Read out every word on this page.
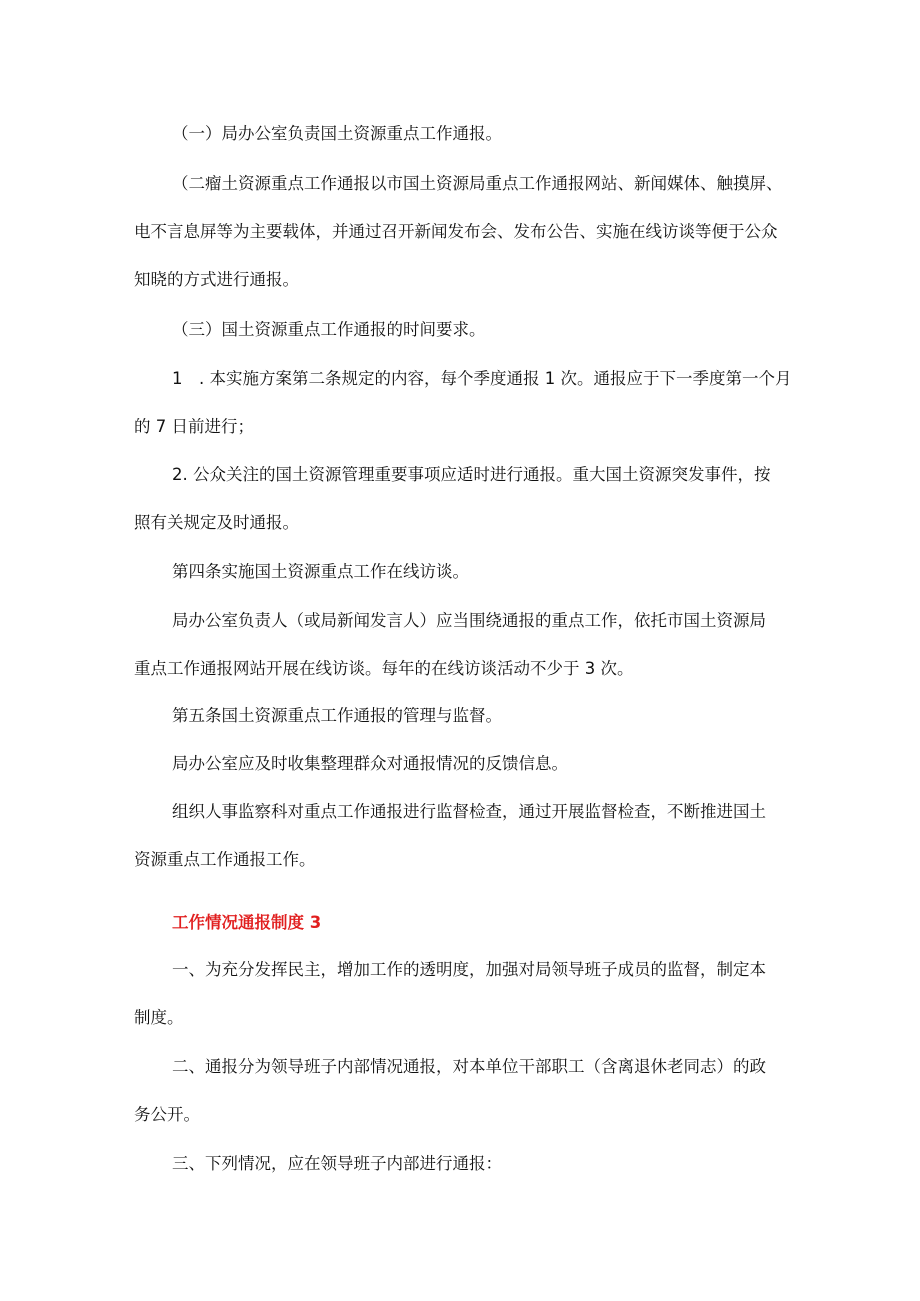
（一）局办公室负责国土资源重点工作通报。
（二瘤土资源重点工作通报以市国土资源局重点工作通报网站、新闻媒体、触摸屏、
电不言息屏等为主要载体，并通过召开新闻发布会、发布公告、实施在线访谈等便于公众
知晓的方式进行通报。
（三）国土资源重点工作通报的时间要求。
1　. 本实施方案第二条规定的内容，每个季度通报 1 次。通报应于下一季度第一个月
的 7 日前进行；
2. 公众关注的国土资源管理重要事项应适时进行通报。重大国土资源突发事件，按
照有关规定及时通报。
第四条实施国土资源重点工作在线访谈。
局办公室负责人（或局新闻发言人）应当围绕通报的重点工作，依托市国土资源局
重点工作通报网站开展在线访谈。每年的在线访谈活动不少于 3 次。
第五条国土资源重点工作通报的管理与监督。
局办公室应及时收集整理群众对通报情况的反馈信息。
组织人事监察科对重点工作通报进行监督检查，通过开展监督检查，不断推进国土
资源重点工作通报工作。
工作情况通报制度 3
一、为充分发挥民主，增加工作的透明度，加强对局领导班子成员的监督，制定本
制度。
二、通报分为领导班子内部情况通报，对本单位干部职工（含离退休老同志）的政
务公开。
三、下列情况，应在领导班子内部进行通报：
